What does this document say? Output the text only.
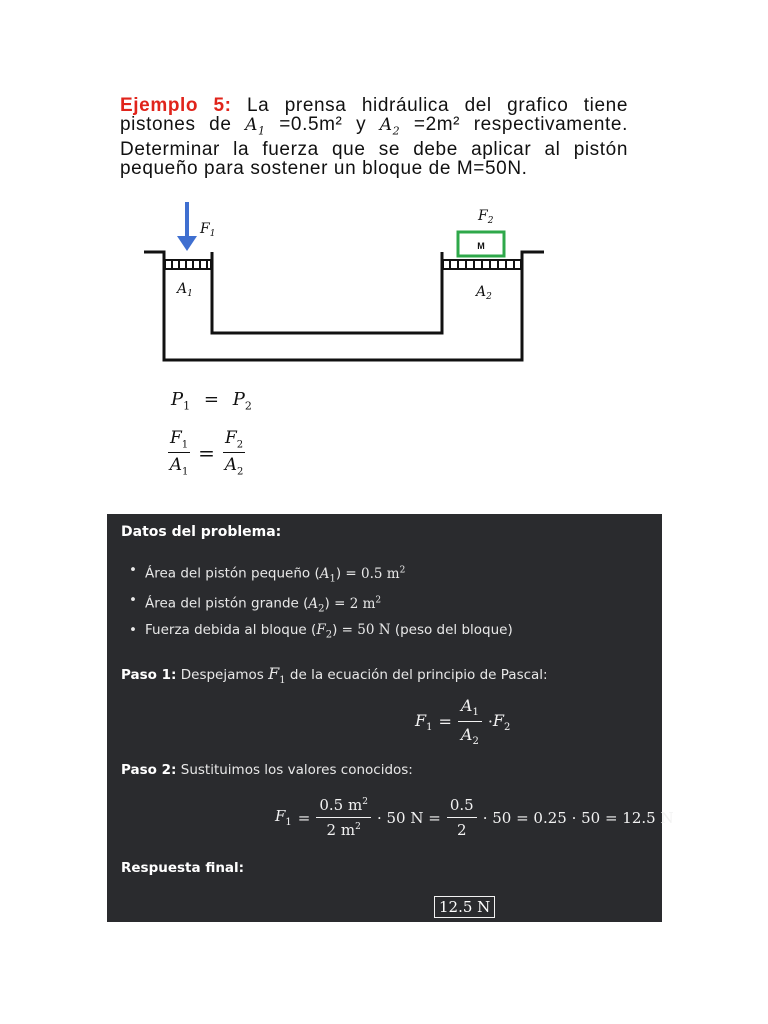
Ejemplo 5: La prensa hidráulica del grafico tiene pistones de $A_1 =0.5m^2$ y $A_2 =2m^2$ respectivamente. Determinar la fuerza que se debe aplicar al pistón pequeño para sostener un bloque de M=50N.
M
$F_1$
$F_2$
$A_1$	$A_2$
$P_1 = P_2$
$\frac{F_1}{A_1} = \frac{F_2}{A_2}$
Datos del problema:
• Área del pistón pequeño $(A_1) = 0.5$ $m^2$
• Área del pistón grande $(A_2) = 2$ $m^2$
• Fuerza debida al bloque $(F_2) = 50$ N (peso del bloque)
Paso 1: Despejamos $F_1$ de la ecuación del principio de Pascal:
$F_1 = \frac{A_1}{A_2} \cdot F_2$
Paso 2: Sustituimos los valores conocidos:
$F_1 = \frac{0.5 m^2}{2 m^2} \cdot 50$ $N = \frac{0.5}{2} \cdot 50 = 0.25 \cdot 50 = 12.5$ N
Respuesta final:
12.5 N
